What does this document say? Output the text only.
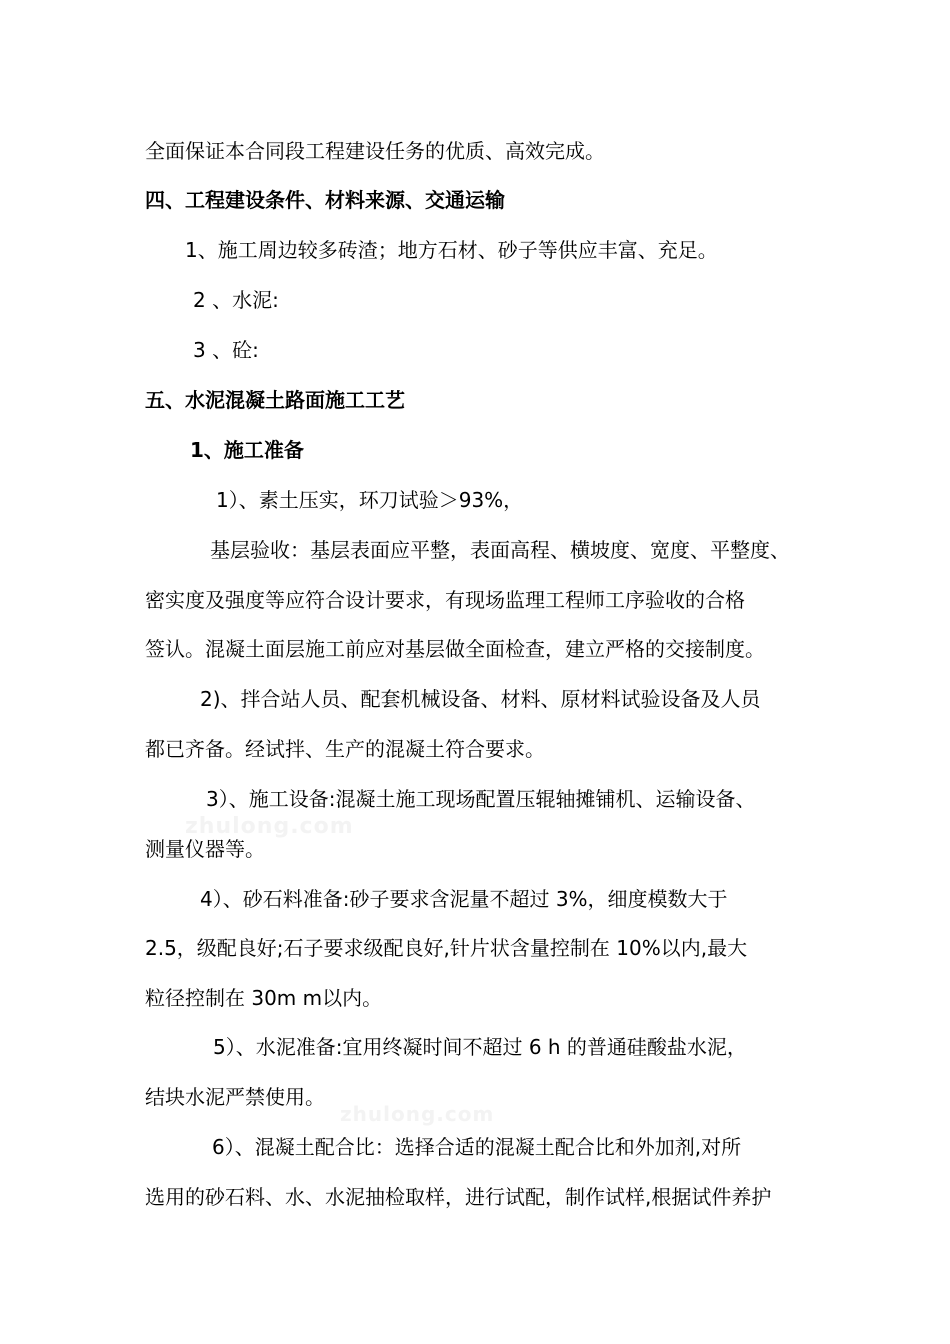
zhulong.com
zhulong.com
全面保证本合同段工程建设任务的优质、高效完成。
四、工程建设条件、材料来源、交通运输
1、施工周边较多砖渣；地方石材、砂子等供应丰富、充足。
2 、水泥:
3 、砼:
五、水泥混凝土路面施工工艺
1、施工准备
1）、素土压实，环刀试验＞93%，
基层验收：基层表面应平整，表面高程、横坡度、宽度、平整度、
密实度及强度等应符合设计要求，有现场监理工程师工序验收的合格
签认。混凝土面层施工前应对基层做全面检查，建立严格的交接制度。
2)、拌合站人员、配套机械设备、材料、原材料试验设备及人员
都已齐备。经试拌、生产的混凝土符合要求。
3）、施工设备:混凝土施工现场配置压辊轴摊铺机、运输设备、
测量仪器等。
4）、砂石料准备:砂子要求含泥量不超过 3%，细度模数大于
2.5，级配良好;石子要求级配良好,针片状含量控制在 10%以内,最大
粒径控制在 30m m以内。
5）、水泥准备:宜用终凝时间不超过 6 h 的普通硅酸盐水泥，
结块水泥严禁使用。
6）、混凝土配合比：选择合适的混凝土配合比和外加剂,对所
选用的砂石料、水、水泥抽检取样，进行试配，制作试样,根据试件养护
